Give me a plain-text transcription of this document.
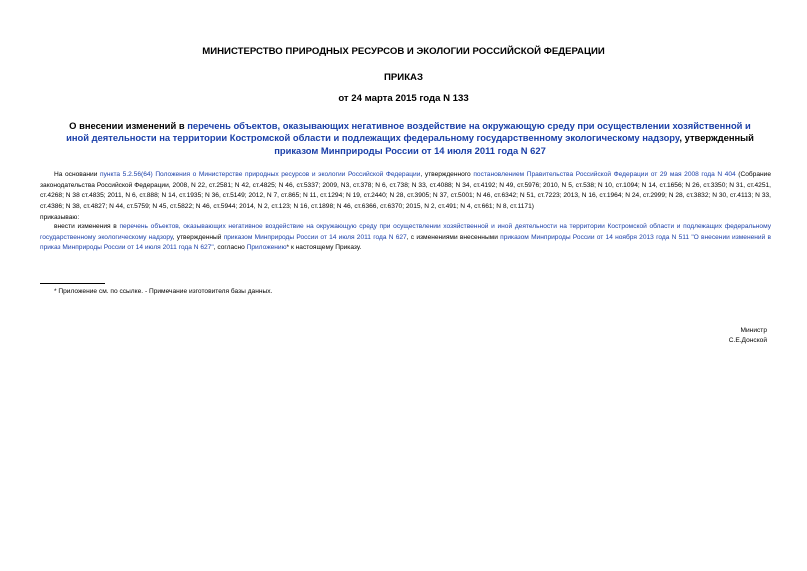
МИНИСТЕРСТВО ПРИРОДНЫХ РЕСУРСОВ И ЭКОЛОГИИ РОССИЙСКОЙ ФЕДЕРАЦИИ
ПРИКАЗ
от 24 марта 2015 года N 133
О внесении изменений в перечень объектов, оказывающих негативное воздействие на окружающую среду при осуществлении хозяйственной и иной деятельности на территории Костромской области и подлежащих федеральному государственному экологическому надзору, утвержденный приказом Минприроды России от 14 июля 2011 года N 627
На основании пункта 5.2.56(64) Положения о Министерстве природных ресурсов и экологии Российской Федерации, утвержденного постановлением Правительства Российской Федерации от 29 мая 2008 года N 404 (Собрание законодательства Российской Федерации, 2008, N 22, ст.2581; N 42, ст.4825; N 46, ст.5337; 2009, N3, ст.378; N 6, ст.738; N 33, ст.4088; N 34, ст.4192; N 49, ст.5976; 2010, N 5, ст.538; N 10, ст.1094; N 14, ст.1656; N 26, ст.3350; N 31, ст.4251, ст.4268; N 38 ст.4835; 2011, N 6, ст.888; N 14, ст.1935; N 36, ст.5149; 2012, N 7, ст.865; N 11, ст.1294; N 19, ст.2440; N 28, ст.3905; N 37, ст.5001; N 46, ст.6342; N 51, ст.7223; 2013, N 16, ст.1964; N 24, ст.2999; N 28, ст.3832; N 30, ст.4113; N 33, ст.4386; N 38, ст.4827; N 44, ст.5759; N 45, ст.5822; N 46, ст.5944; 2014, N 2, ст.123; N 16, ст.1898; N 46, ст.6366, ст.6370; 2015, N 2, ст.491; N 4, ст.661; N 8, ст.1171)
приказываю:
внести изменения в перечень объектов, оказывающих негативное воздействие на окружающую среду при осуществлении хозяйственной и иной деятельности на территории Костромской области и подлежащих федеральному государственному экологическому надзору, утвержденный приказом Минприроды России от 14 июля 2011 года N 627, с изменениями внесенными приказом Минприроды России от 14 ноября 2013 года N 511 "О внесении изменений в приказ Минприроды России от 14 июля 2011 года N 627", согласно Приложению* к настоящему Приказу.
* Приложение см. по ссылке. - Примечание изготовителя базы данных.
Министр
С.Е.Донской
